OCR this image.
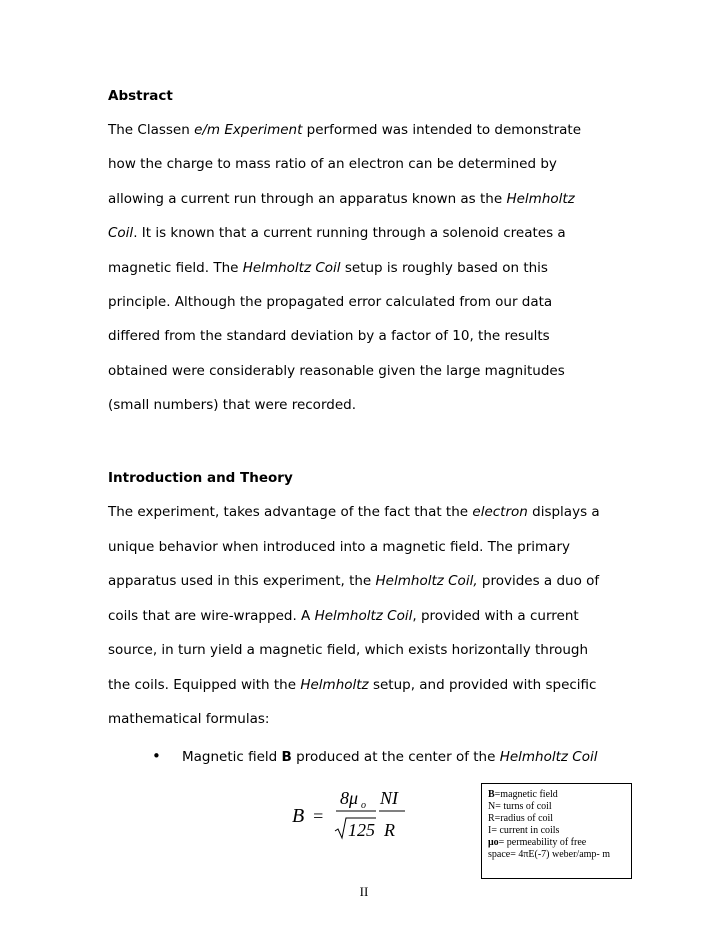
Abstract
The Classen e/m Experiment performed was intended to demonstrate
how the charge to mass ratio of an electron can be determined by
allowing a current run through an apparatus known as the Helmholtz
Coil. It is known that a current running through a solenoid creates a
magnetic field. The Helmholtz Coil setup is roughly based on this
principle. Although the propagated error calculated from our data
differed from the standard deviation by a factor of 10, the results
obtained were considerably reasonable given the large magnitudes
(small numbers) that were recorded.
Introduction and Theory
The experiment, takes advantage of the fact that the electron displays a
unique behavior when introduced into a magnetic field. The primary
apparatus used in this experiment, the Helmholtz Coil, provides a duo of
coils that are wire-wrapped. A Helmholtz Coil, provided with a current
source, in turn yield a magnetic field, which exists horizontally through
the coils. Equipped with the Helmholtz setup, and provided with specific
mathematical formulas:
• Magnetic field B produced at the center of the Helmholtz Coil
B =
8μ o
125
NI
R
B=magnetic field
N= turns of coil
R=radius of coil
I= current in coils
μo= permeability of free
space= 4πE(-7) weber/amp- m
II
